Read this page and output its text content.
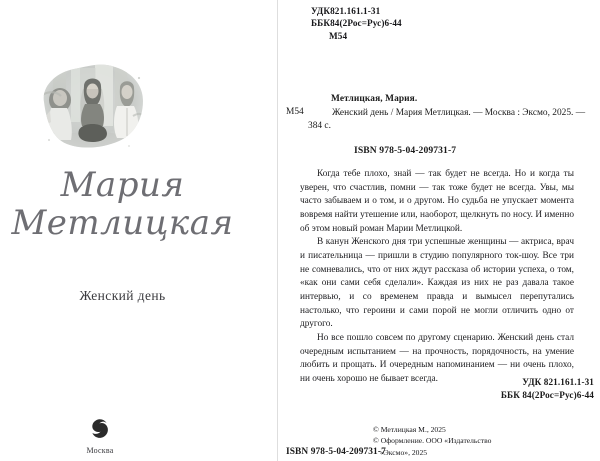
Мария
Метлицкая
Женский день
Москва
УДК821.161.1-31
ББК84(2Рос=Рус)6-44
М54
М54
Метлицкая, Мария.
Женский день / Мария Метлицкая. — Москва : Эксмо, 2025. — 384 с.
ISBN 978-5-04-209731-7

Когда тебе плохо, знай — так будет не всегда. Но и когда ты уверен, что счастлив, помни — так тоже будет не всегда. Увы, мы часто забываем и о том, и о другом. Но судьба не упускает момента вовремя найти утешение или, наоборот, щелкнуть по носу. И именно об этом новый роман Марии Метлицкой.

В канун Женского дня три успешные женщины — актриса, врач и писательница — пришли в студию популярного ток-шоу. Все три не сомневались, что от них ждут рассказа об истории успеха, о том, «как они сами себя сделали». Каждая из них не раз давала такое интервью, и со временем правда и вымысел перепутались настолько, что героини и сами порой не могли отличить одно от другого.

Но все пошло совсем по другому сценарию. Женский день стал очередным испытанием — на прочность, порядочность, на умение любить и прощать. И очередным напоминанием — ни очень плохо, ни очень хорошо не бывает всегда.	УДК 821.161.1-31
ББК 84(2Рос=Рус)6-44
ISBN 978-5-04-209731-7
© Метлицкая М., 2025
© Оформление. ООО «Издательство
«Эксмо», 2025
